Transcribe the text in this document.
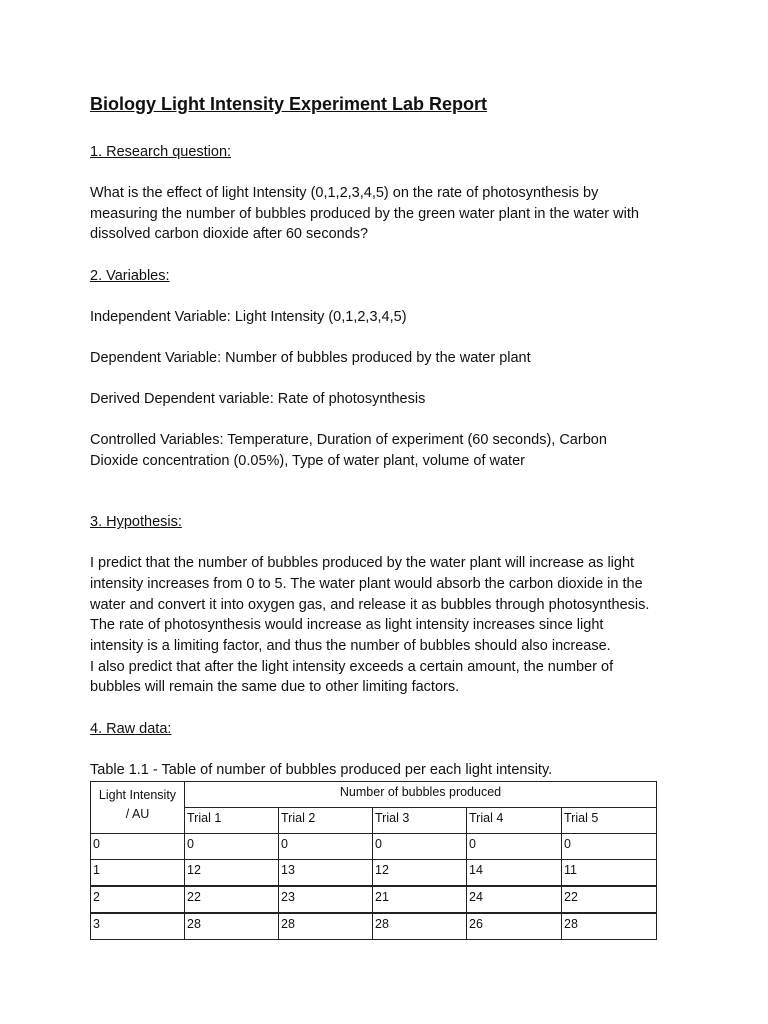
Biology Light Intensity Experiment Lab Report
1. Research question:
What is the effect of light Intensity (0,1,2,3,4,5) on the rate of photosynthesis by
measuring the number of bubbles produced by the green water plant in the water with
dissolved carbon dioxide after 60 seconds?
2. Variables:
Independent Variable: Light Intensity (0,1,2,3,4,5)
Dependent Variable: Number of bubbles produced by the water plant
Derived Dependent variable: Rate of photosynthesis
Controlled Variables: Temperature, Duration of experiment (60 seconds), Carbon
Dioxide concentration (0.05%), Type of water plant, volume of water
3. Hypothesis:
I predict that the number of bubbles produced by the water plant will increase as light
intensity increases from 0 to 5. The water plant would absorb the carbon dioxide in the
water and convert it into oxygen gas, and release it as bubbles through photosynthesis.
The rate of photosynthesis would increase as light intensity increases since light
intensity is a limiting factor, and thus the number of bubbles should also increase.
I also predict that after the light intensity exceeds a certain amount, the number of
bubbles will remain the same due to other limiting factors.
4. Raw data:
Table 1.1 - Table of number of bubbles produced per each light intensity.
Light Intensity
/ AU	Number of bubbles produced				
	Trial 1	Trial 2	Trial 3	Trial 4	Trial 5
0	0	0	0	0	0
1	12	13	12	14	11
2	22	23	21	24	22
3	28	28	28	26	28
